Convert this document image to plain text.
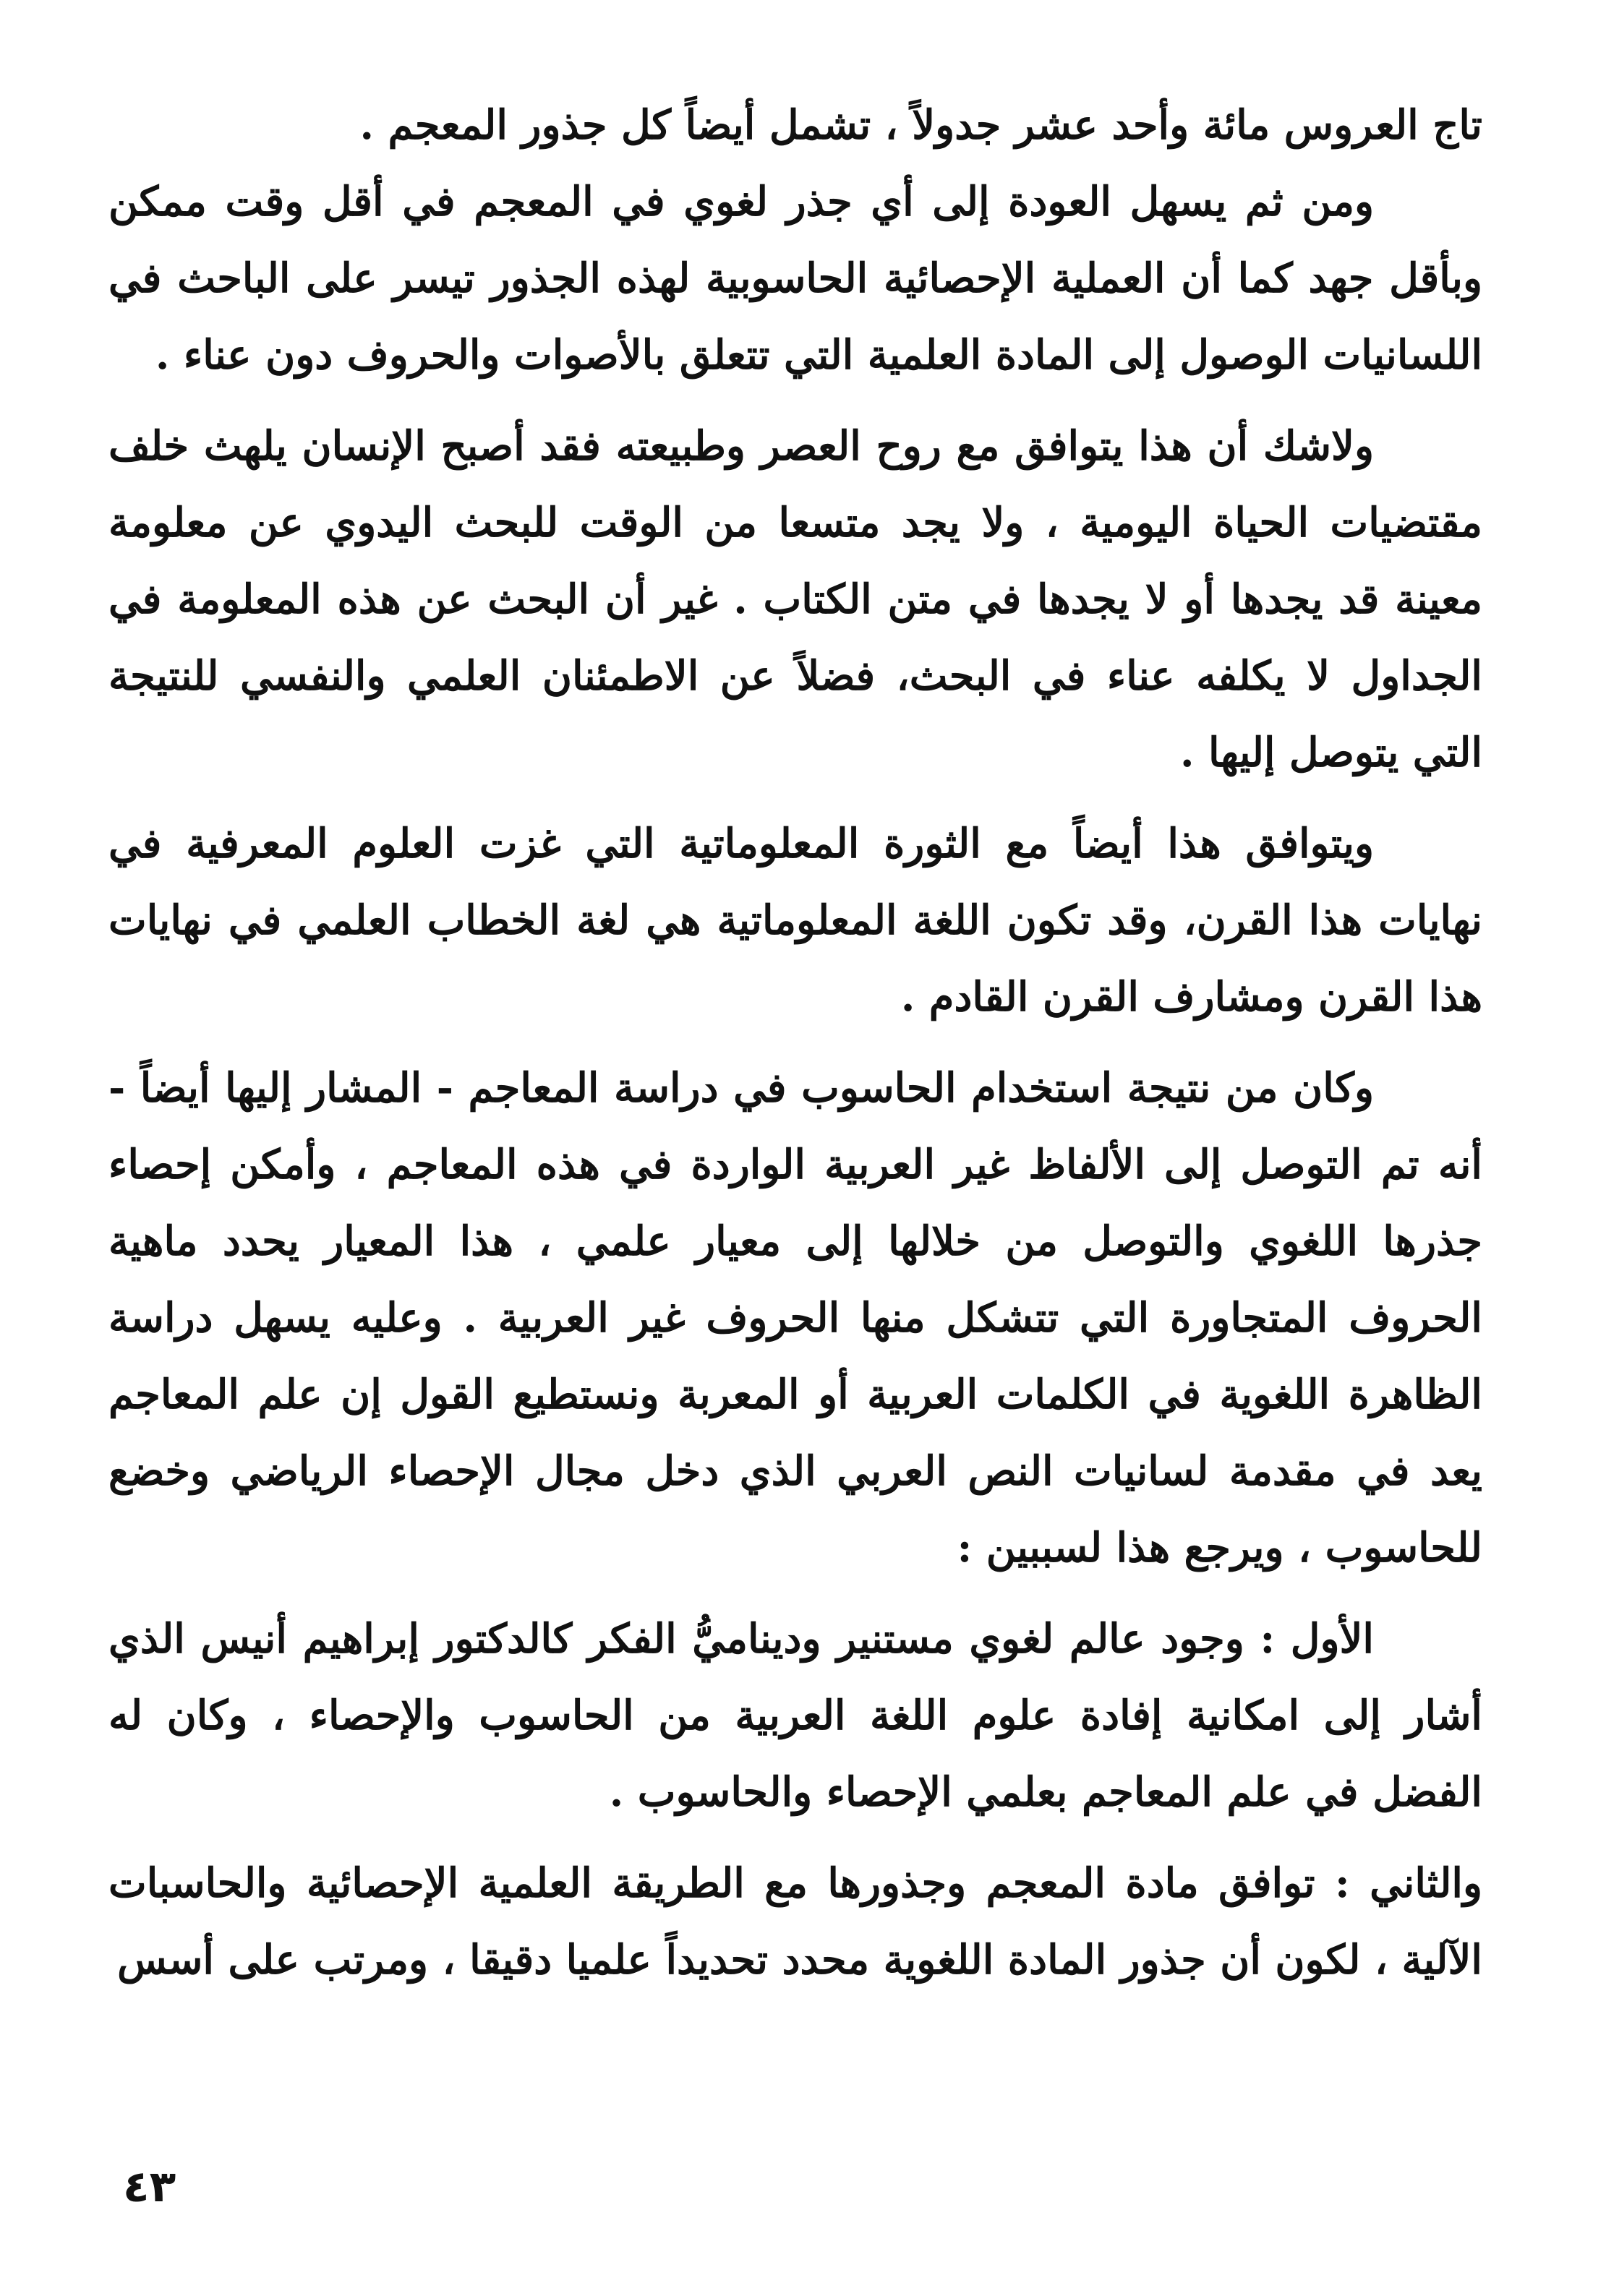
تاج العروس مائة وأحد عشر جدولاً ، تشمل أيضاً كل جذور المعجم .

ومن ثم يسهل العودة إلى أي جذر لغوي في المعجم في أقل وقت ممكن وبأقل جهد كما أن العملية الإحصائية الحاسوبية لهذه الجذور تيسر على الباحث في اللسانيات الوصول إلى المادة العلمية التي تتعلق بالأصوات والحروف دون عناء .

ولاشك أن هذا يتوافق مع روح العصر وطبيعته فقد أصبح الإنسان يلهث خلف مقتضيات الحياة اليومية ، ولا يجد متسعا من الوقت للبحث اليدوي عن معلومة معينة قد يجدها أو لا يجدها في متن الكتاب . غير أن البحث عن هذه المعلومة في الجداول لا يكلفه عناء في البحث، فضلاً عن الاطمئنان العلمي والنفسي للنتيجة التي يتوصل إليها .

ويتوافق هذا أيضاً مع الثورة المعلوماتية التي غزت العلوم المعرفية في نهايات هذا القرن، وقد تكون اللغة المعلوماتية هي لغة الخطاب العلمي في نهايات هذا القرن ومشارف القرن القادم .

وكان من نتيجة استخدام الحاسوب في دراسة المعاجم - المشار إليها أيضاً - أنه تم التوصل إلى الألفاظ غير العربية الواردة في هذه المعاجم ، وأمكن إحصاء جذرها اللغوي والتوصل من خلالها إلى معيار علمي ، هذا المعيار يحدد ماهية الحروف المتجاورة التي تتشكل منها الحروف غير العربية . وعليه يسهل دراسة الظاهرة اللغوية في الكلمات العربية أو المعربة ونستطيع القول إن علم المعاجم يعد في مقدمة لسانيات النص العربي الذي دخل مجال الإحصاء الرياضي وخضع للحاسوب ، ويرجع هذا لسببين :

الأول : وجود عالم لغوي مستنير وديناميُّ الفكر كالدكتور إبراهيم أنيس الذي أشار إلى امكانية إفادة علوم اللغة العربية من الحاسوب والإحصاء ، وكان له الفضل في علم المعاجم بعلمي الإحصاء والحاسوب .

والثاني : توافق مادة المعجم وجذورها مع الطريقة العلمية الإحصائية والحاسبات الآلية ، لكون أن جذور المادة اللغوية محدد تحديداً علميا دقيقا ، ومرتب على أسس

٤٣
